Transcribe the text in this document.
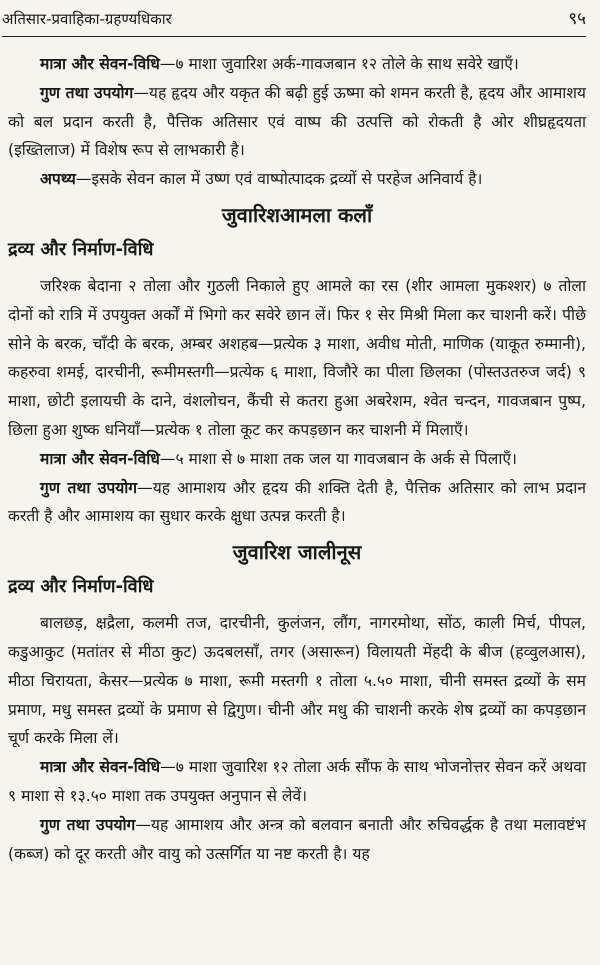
अतिसार-प्रवाहिका-ग्रहण्यधिकार	९५

मात्रा और सेवन-विधि—७ माशा जुवारिश अर्क-गावजबान १२ तोले के साथ सवेरे खाएँ।

गुण तथा उपयोग—यह हृदय और यकृत की बढ़ी हुई ऊष्मा को शमन करती है, हृदय और आमाशय को बल प्रदान करती है, पैत्तिक अतिसार एवं वाष्प की उत्पत्ति को रोकती है ओर शीघ्रहृदयता (इख्तिलाज) में विशेष रूप से लाभकारी है।

अपथ्य—इसके सेवन काल में उष्ण एवं वाष्पोत्पादक द्रव्यों से परहेज अनिवार्य है।

जुवारिशआमला कलाँ
द्रव्य और निर्माण-विधि

जरिश्क बेदाना २ तोला और गुठली निकाले हुए आमले का रस (शीर आमला मुकश्शर) ७ तोला दोनों को रात्रि में उपयुक्त अर्कों में भिगो कर सवेरे छान लें। फिर १ सेर मिश्री मिला कर चाशनी करें। पीछे सोने के बरक, चाँदी के बरक, अम्बर अशहब—प्रत्येक ३ माशा, अवीध मोती, माणिक (याकूत रुम्मानी), कहरुवा शमई, दारचीनी, रूमीमस्तगी—प्रत्येक ६ माशा, विजौरे का पीला छिलका (पोस्तउतरुज जर्द) ९ माशा, छोटी इलायची के दाने, वंशलोचन, कैंची से कतरा हुआ अबरेशम, श्वेत चन्दन, गावजबान पुष्प, छिला हुआ शुष्क धनियाँ—प्रत्येक १ तोला कूट कर कपड़छान कर चाशनी में मिलाएँ।

मात्रा और सेवन-विधि—५ माशा से ७ माशा तक जल या गावजबान के अर्क से पिलाएँ।

गुण तथा उपयोग—यह आमाशय और हृदय की शक्ति देती है, पैत्तिक अतिसार को लाभ प्रदान करती है और आमाशय का सुधार करके क्षुधा उत्पन्न करती है।

जुवारिश जालीनूस
द्रव्य और निर्माण-विधि

बालछड़, क्षद्रैला, कलमी तज, दारचीनी, कुलंजन, लौंग, नागरमोथा, सोंठ, काली मिर्च, पीपल, कडुआकुट (मतांतर से मीठा कुट) ऊदबलसाँ, तगर (असारून) विलायती मेंहदी के बीज (हव्वुलआस), मीठा चिरायता, केसर—प्रत्येक ७ माशा, रूमी मस्तगी १ तोला ५.५० माशा, चीनी समस्त द्रव्यों के सम प्रमाण, मधु समस्त द्रव्यों के प्रमाण से द्विगुण। चीनी और मधु की चाशनी करके शेष द्रव्यों का कपड़छान चूर्ण करके मिला लें।

मात्रा और सेवन-विधि—७ माशा जुवारिश १२ तोला अर्क सौंफ के साथ भोजनोत्तर सेवन करें अथवा ९ माशा से १३.५० माशा तक उपयुक्त अनुपान से लेवें।

गुण तथा उपयोग—यह आमाशय और अन्त्र को बलवान बनाती और रुचिवर्द्धक है तथा मलावष्टंभ (कब्ज) को दूर करती और वायु को उत्सर्गित या नष्ट करती है। यह
